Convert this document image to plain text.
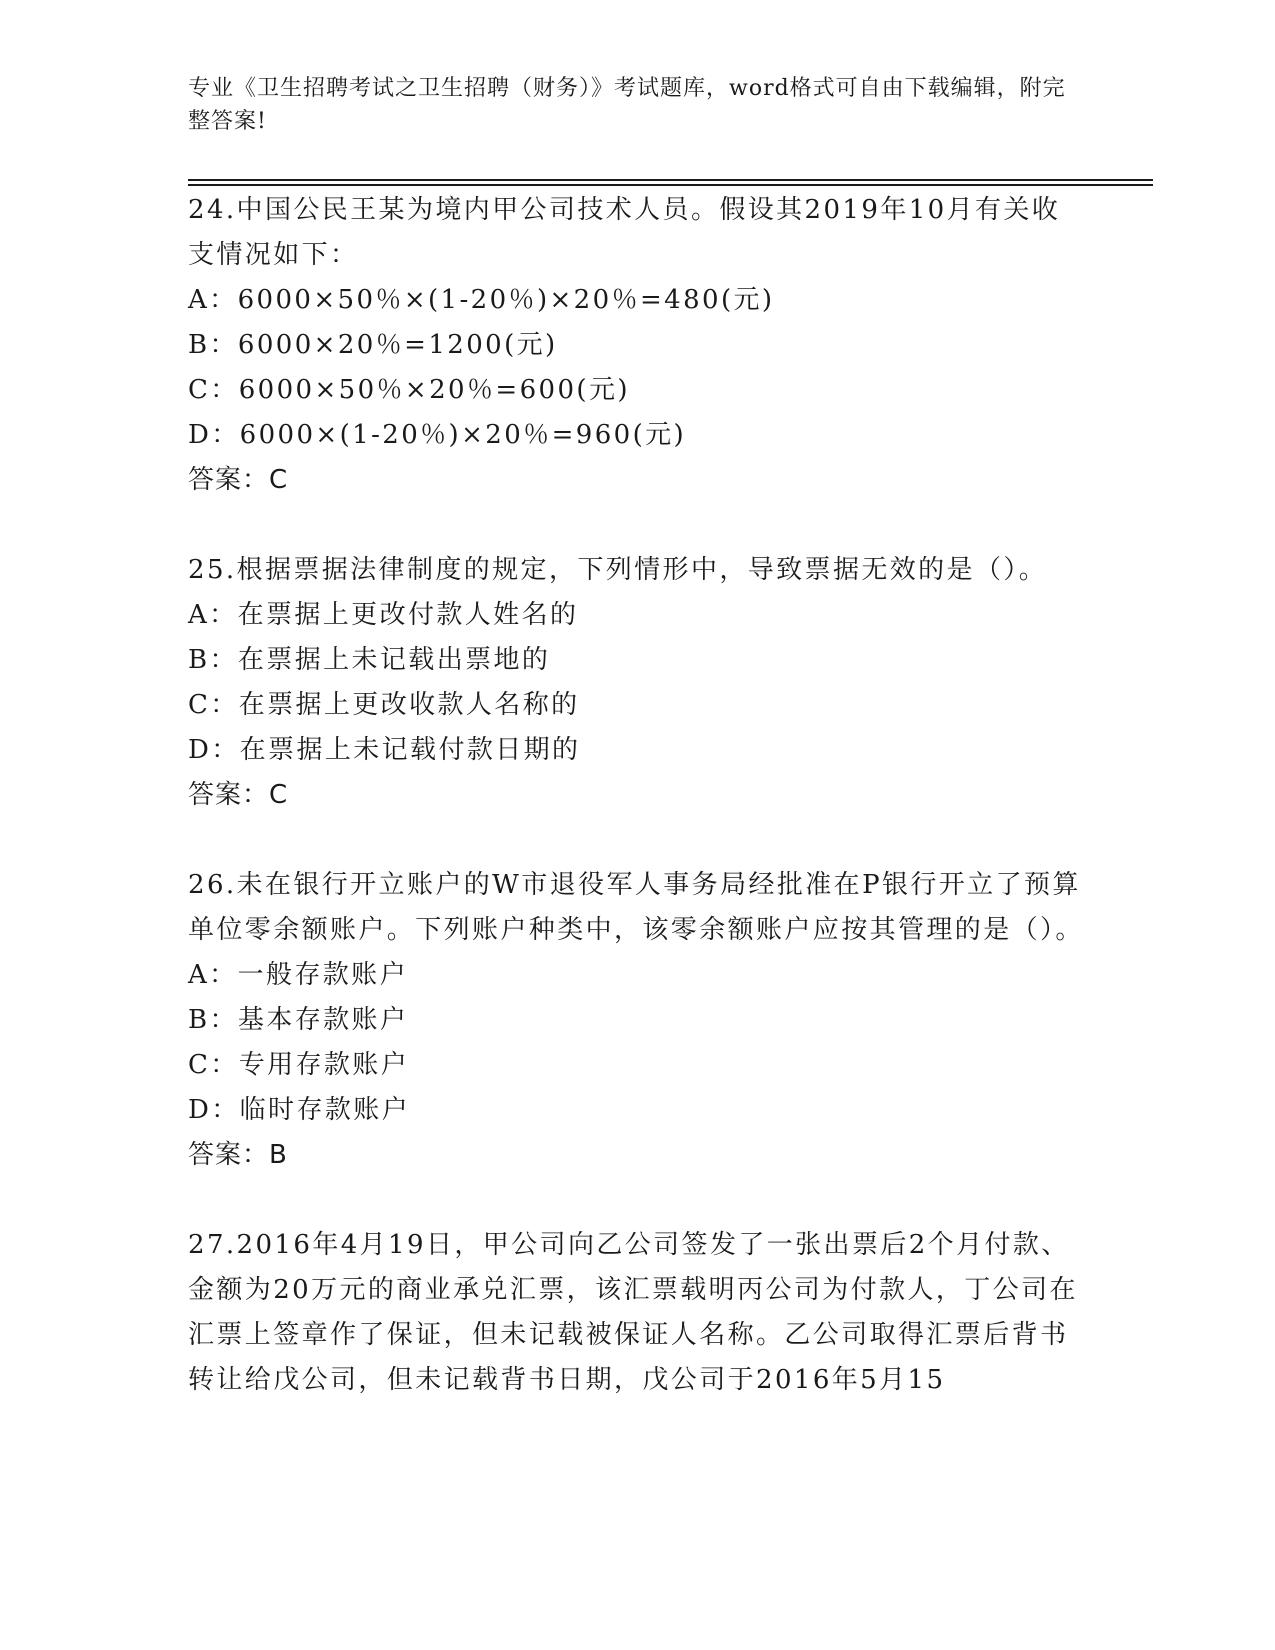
专业《卫生招聘考试之卫生招聘（财务）》考试题库，word格式可自由下载编辑，附完整答案!

24.中国公民王某为境内甲公司技术人员。假设其2019年10月有关收支情况如下：

A：6000×50％×(1-20％)×20％=480(元)

B：6000×20％=1200(元)

C：6000×50％×20％=600(元)

D：6000×(1-20％)×20％=960(元)

答案：C

25.根据票据法律制度的规定，下列情形中，导致票据无效的是（）。

A：在票据上更改付款人姓名的

B：在票据上未记载出票地的

C：在票据上更改收款人名称的

D：在票据上未记载付款日期的

答案：C

26.未在银行开立账户的W市退役军人事务局经批准在P银行开立了预算单位零余额账户。下列账户种类中，该零余额账户应按其管理的是（）。

A：一般存款账户

B：基本存款账户

C：专用存款账户

D：临时存款账户

答案：B

27.2016年4月19日，甲公司向乙公司签发了一张出票后2个月付款、金额为20万元的商业承兑汇票，该汇票载明丙公司为付款人，丁公司在汇票上签章作了保证，但未记载被保证人名称。乙公司取得汇票后背书转让给戊公司，但未记载背书日期，戊公司于2016年5月15
